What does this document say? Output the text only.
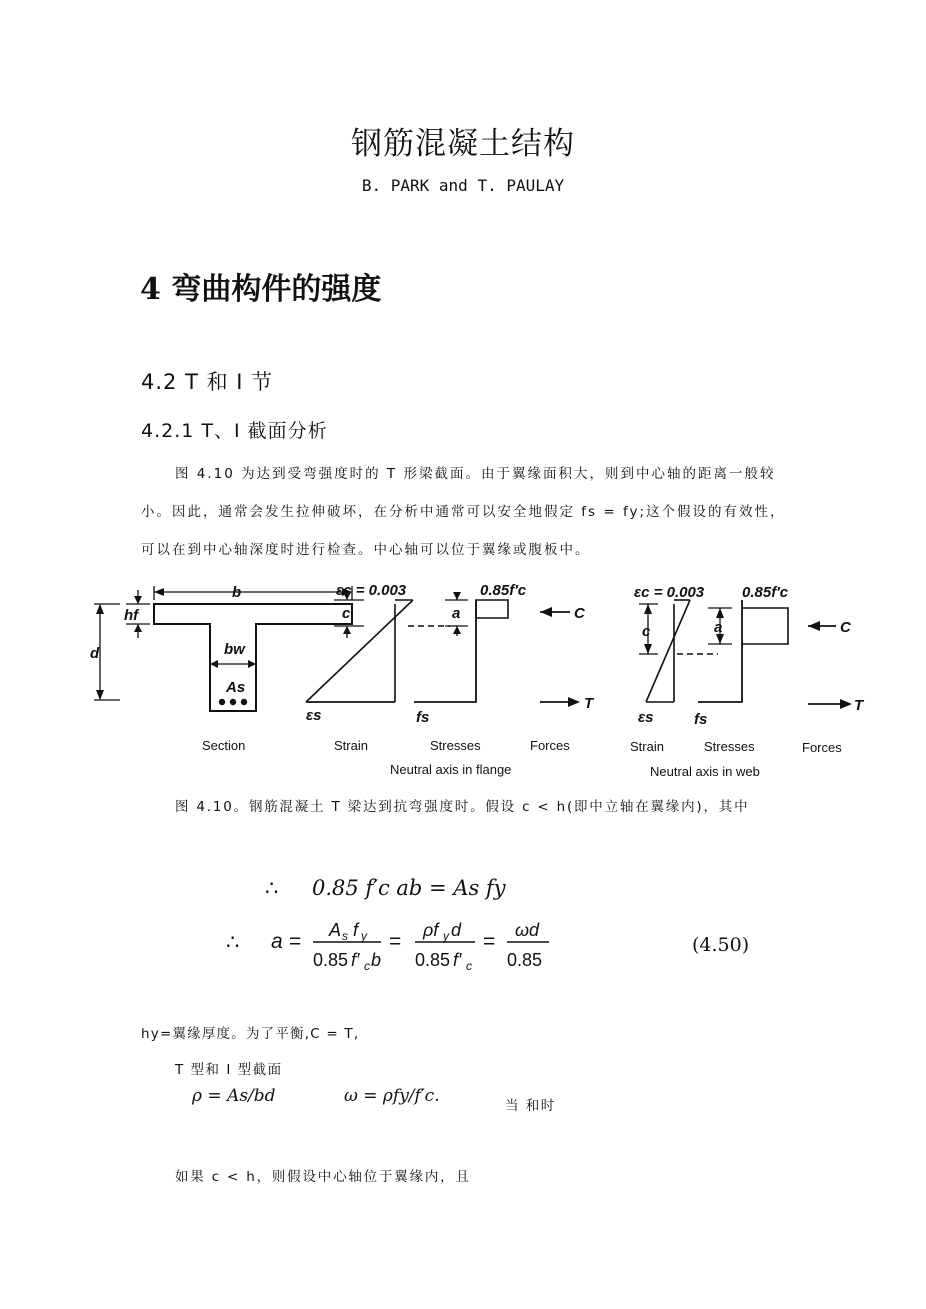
钢筋混凝土结构
B. PARK and T. PAULAY
4 弯曲构件的强度
4.2 T 和 I 节
4.2.1 T、I 截面分析
图 4.10 为达到受弯强度时的 T 形梁截面。由于翼缘面积大，则到中心轴的距离一般较小。因此，通常会发生拉伸破坏，在分析中通常可以安全地假定 fs = fy;这个假设的有效性，可以在到中心轴深度时进行检查。中心轴可以位于翼缘或腹板中。
b
hf
d	bw
As
εc = 0.003	0.85f′c
c	a	C
T
εs	fs
εc = 0.003	0.85f′c
c	a	C
T
εs	fs
Section	Strain	Stresses	Forces	Strain	Stresses	Forces
Neutral axis in flange	Neutral axis in web
图 4.10。钢筋混凝土 T 梁达到抗弯强度时。假设 c < h(即中立轴在翼缘内)，其中
∴ 0.85 f′c ab = As fy
∴ a = A s f y
0.85 f′ c b
= ρf y d
0.85 f′ c
= ωd
0.85
(4.50)
hy=翼缘厚度。为了平衡,C = T,
T 型和 I 型截面
ρ = As/bd	ω = ρfy/f′c.	当 和时
如果 c < h，则假设中心轴位于翼缘内，且
